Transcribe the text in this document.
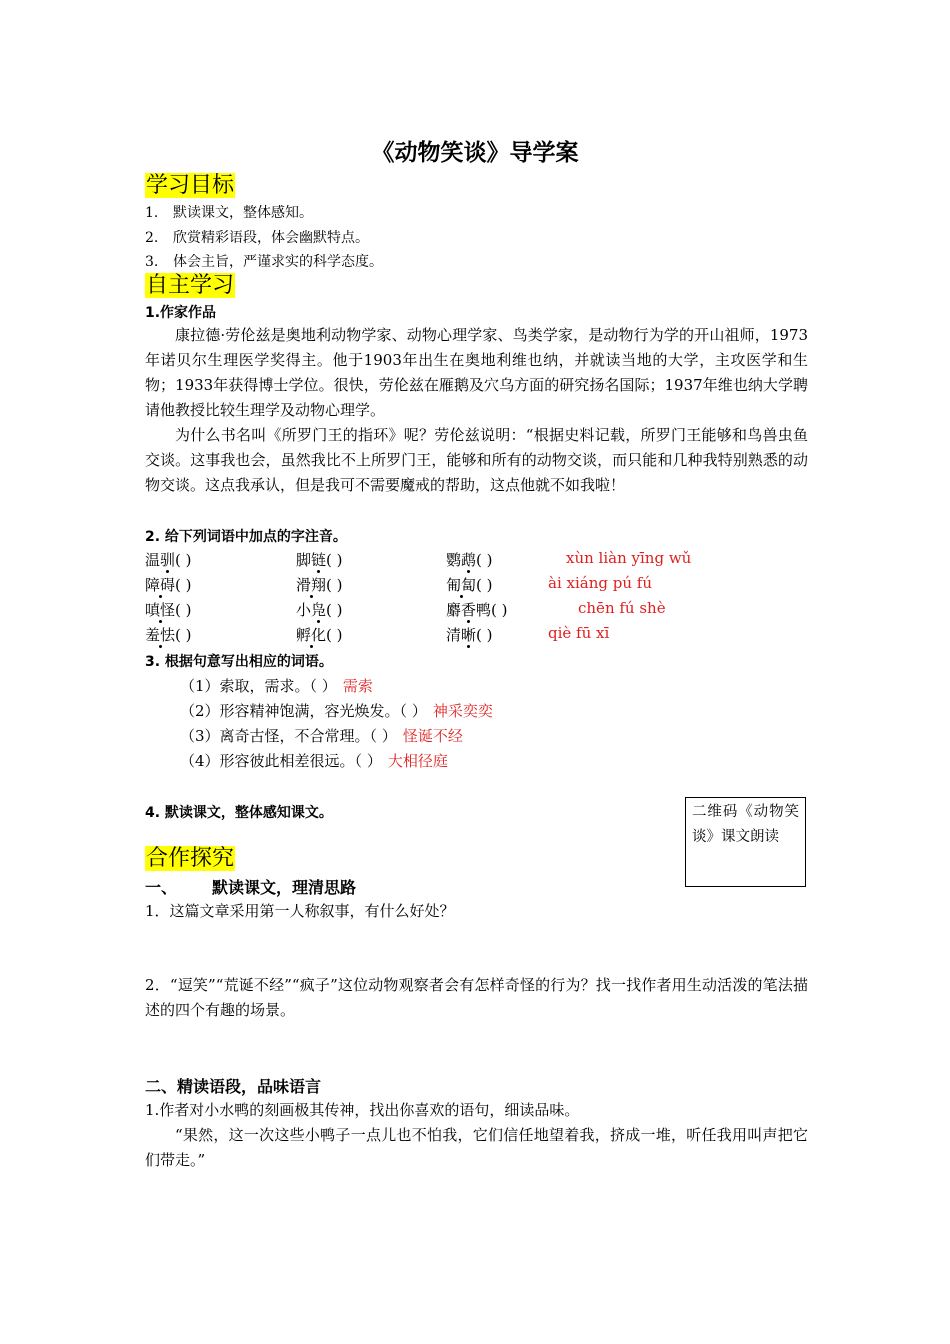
《动物笑谈》导学案
学习目标
1. 默读课文，整体感知。
2. 欣赏精彩语段，体会幽默特点。
3. 体会主旨，严谨求实的科学态度。
自主学习
1.作家作品
康拉德·劳伦兹是奥地利动物学家、动物心理学家、鸟类学家，是动物行为学的开山祖师，1973年诺贝尔生理医学奖得主。他于1903年出生在奥地利维也纳，并就读当地的大学，主攻医学和生物；1933年获得博士学位。很快，劳伦兹在雁鹅及穴乌方面的研究扬名国际；1937年维也纳大学聘请他教授比较生理学及动物心理学。
为什么书名叫《所罗门王的指环》呢？劳伦兹说明：“根据史料记载，所罗门王能够和鸟兽虫鱼交谈。这事我也会，虽然我比不上所罗门王，能够和所有的动物交谈，而只能和几种我特别熟悉的动物交谈。这点我承认，但是我可不需要魔戒的帮助，这点他就不如我啦！
2. 给下列词语中加点的字注音。
温驯( )	脚链( )	鹦鹉( )	xùn liàn yīng wǔ
障碍( )	滑翔( )	匍匐( )	ài xiáng pú fú
嗔怪( )	小凫( )	麝香鸭( )	chēn fú shè
羞怯( )	孵化( )	清晰( )	qiè fū xī
3. 根据句意写出相应的词语。
（1）索取，需求。（ ） 需索
（2）形容精神饱满，容光焕发。（ ） 神采奕奕
（3）离奇古怪，不合常理。（ ） 怪诞不经
（4）形容彼此相差很远。（ ） 大相径庭
4. 默读课文，整体感知课文。	二维码《动物笑谈》课文朗读
合作探究
一、 默读课文，理清思路
1．这篇文章采用第一人称叙事，有什么好处？
2．“逗笑”“荒诞不经”“疯子”这位动物观察者会有怎样奇怪的行为？找一找作者用生动活泼的笔法描述的四个有趣的场景。
二、精读语段，品味语言
1.作者对小水鸭的刻画极其传神，找出你喜欢的语句，细读品味。
“果然，这一次这些小鸭子一点儿也不怕我，它们信任地望着我，挤成一堆，听任我用叫声把它们带走。”
